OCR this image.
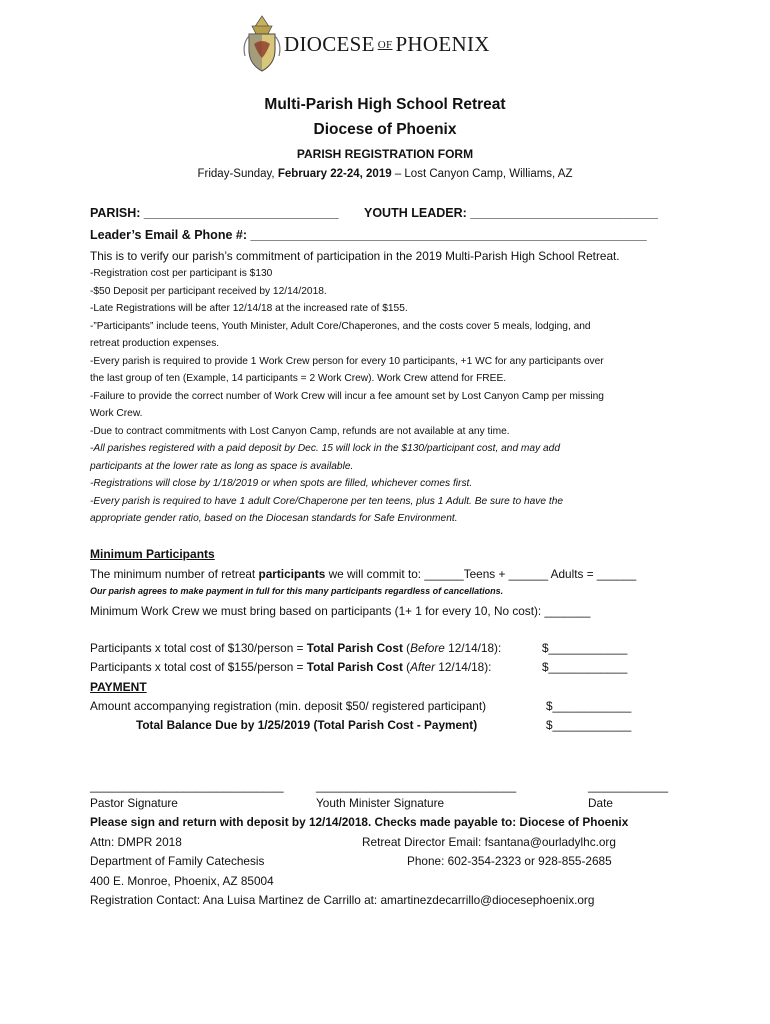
DIOCESE OF PHOENIX
Multi-Parish High School Retreat
Diocese of Phoenix
PARISH REGISTRATION FORM
Friday-Sunday, February 22-24, 2019 – Lost Canyon Camp, Williams, AZ
PARISH: ____________________________ YOUTH LEADER: ___________________________
Leader’s Email & Phone #: _________________________________________________________
This is to verify our parish’s commitment of participation in the 2019 Multi-Parish High School Retreat.
-Registration cost per participant is $130
-$50 Deposit per participant received by 12/14/2018.
-Late Registrations will be after 12/14/18 at the increased rate of $155.
-”Participants” include teens, Youth Minister, Adult Core/Chaperones, and the costs cover 5 meals, lodging, and
retreat production expenses.
-Every parish is required to provide 1 Work Crew person for every 10 participants, +1 WC for any participants over
the last group of ten (Example, 14 participants = 2 Work Crew). Work Crew attend for FREE.
-Failure to provide the correct number of Work Crew will incur a fee amount set by Lost Canyon Camp per missing
Work Crew.
-Due to contract commitments with Lost Canyon Camp, refunds are not available at any time.
-All parishes registered with a paid deposit by Dec. 15 will lock in the $130/participant cost, and may add
participants at the lower rate as long as space is available.
-Registrations will close by 1/18/2019 or when spots are filled, whichever comes first.
-Every parish is required to have 1 adult Core/Chaperone per ten teens, plus 1 Adult. Be sure to have the
appropriate gender ratio, based on the Diocesan standards for Safe Environment.
Minimum Participants
The minimum number of retreat participants we will commit to: ______Teens + ______ Adults = ______
Our parish agrees to make payment in full for this many participants regardless of cancellations.
Minimum Work Crew we must bring based on participants (1+ 1 for every 10, No cost): _______
Participants x total cost of $130/person = Total Parish Cost (Before 12/14/18):	$____________
Participants x total cost of $155/person = Total Parish Cost (After 12/14/18):	$____________
PAYMENT
Amount accompanying registration (min. deposit $50/ registered participant)	$____________
Total Balance Due by 1/25/2019 (Total Parish Cost - Payment)	$____________
_____________________________	______________________________	____________
Pastor Signature	Youth Minister Signature	Date
Please sign and return with deposit by 12/14/2018. Checks made payable to: Diocese of Phoenix
Attn: DMPR 2018	Retreat Director Email: fsantana@ourladylhc.org
Department of Family Catechesis	Phone: 602-354-2323 or 928-855-2685
400 E. Monroe, Phoenix, AZ 85004
Registration Contact: Ana Luisa Martinez de Carrillo at: amartinezdecarrillo@diocesephoenix.org
